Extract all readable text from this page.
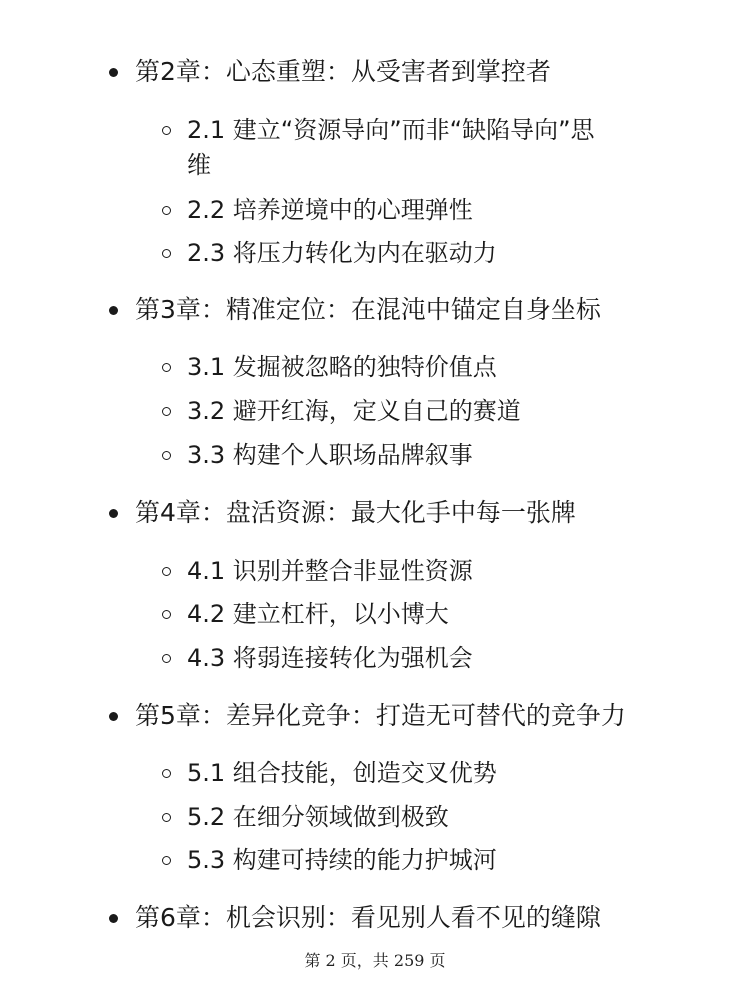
第2章：心态重塑：从受害者到掌控者
2.1 建立“资源导向”而非“缺陷导向”思维
2.2 培养逆境中的心理弹性
2.3 将压力转化为内在驱动力
第3章：精准定位：在混沌中锚定自身坐标
3.1 发掘被忽略的独特价值点
3.2 避开红海，定义自己的赛道
3.3 构建个人职场品牌叙事
第4章：盘活资源：最大化手中每一张牌
4.1 识别并整合非显性资源
4.2 建立杠杆，以小博大
4.3 将弱连接转化为强机会
第5章：差异化竞争：打造无可替代的竞争力
5.1 组合技能，创造交叉优势
5.2 在细分领域做到极致
5.3 构建可持续的能力护城河
第6章：机会识别：看见别人看不见的缝隙
第 2 页，共 259 页
